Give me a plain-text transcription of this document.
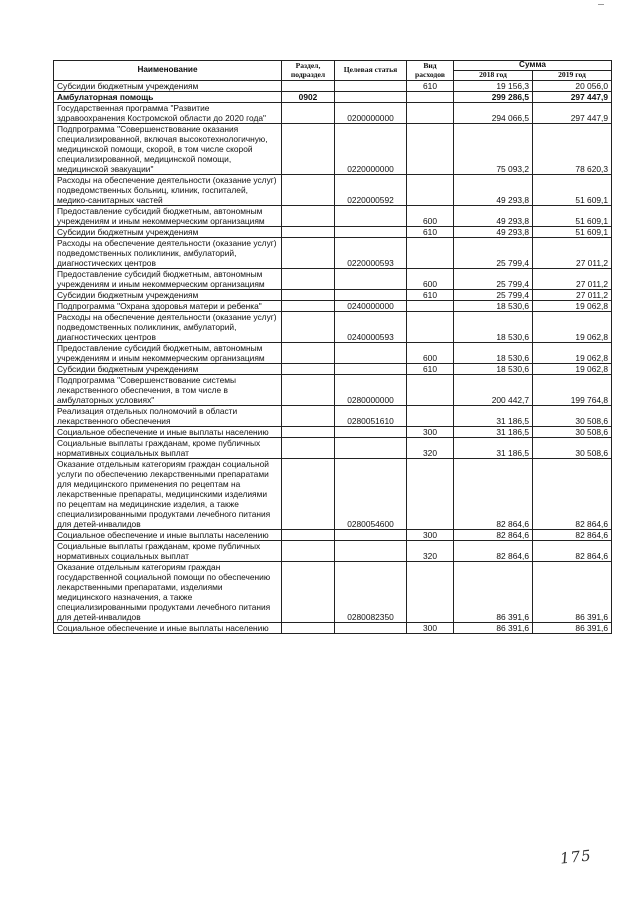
Наименование	Раздел, подраздел	Целевая статья	Вид расходов	Сумма	
				2018 год	2019 год
Субсидии бюджетным учреждениям			610	19 156,3	20 056,0
Амбулаторная помощь	0902			299 286,5	297 447,9
Государственная программа "Развитие здравоохранения Костромской области до 2020 года"		0200000000		294 066,5	297 447,9
Подпрограмма "Совершенствование оказания специализированной, включая высокотехнологичную, медицинской помощи, скорой, в том числе скорой специализированной, медицинской помощи, медицинской эвакуации"		0220000000		75 093,2	78 620,3
Расходы на обеспечение деятельности (оказание услуг) подведомственных больниц, клиник, госпиталей, медико-санитарных частей		0220000592		49 293,8	51 609,1
Предоставление субсидий бюджетным, автономным учреждениям и иным некоммерческим организациям			600	49 293,8	51 609,1
Субсидии бюджетным учреждениям			610	49 293,8	51 609,1
Расходы на обеспечение деятельности (оказание услуг) подведомственных поликлиник, амбулаторий, диагностических центров		0220000593		25 799,4	27 011,2
Предоставление субсидий бюджетным, автономным учреждениям и иным некоммерческим организациям			600	25 799,4	27 011,2
Субсидии бюджетным учреждениям			610	25 799,4	27 011,2
Подпрограмма "Охрана здоровья матери и ребенка"		0240000000		18 530,6	19 062,8
Расходы на обеспечение деятельности (оказание услуг) подведомственных поликлиник, амбулаторий, диагностических центров		0240000593		18 530,6	19 062,8
Предоставление субсидий бюджетным, автономным учреждениям и иным некоммерческим организациям			600	18 530,6	19 062,8
Субсидии бюджетным учреждениям			610	18 530,6	19 062,8
Подпрограмма "Совершенствование системы лекарственного обеспечения, в том числе в амбулаторных условиях"		0280000000		200 442,7	199 764,8
Реализация отдельных полномочий в области лекарственного обеспечения		0280051610		31 186,5	30 508,6
Социальное обеспечение и иные выплаты населению			300	31 186,5	30 508,6
Социальные выплаты гражданам, кроме публичных нормативных социальных выплат			320	31 186,5	30 508,6
Оказание отдельным категориям граждан социальной услуги по обеспечению лекарственными препаратами для медицинского применения по рецептам на лекарственные препараты, медицинскими изделиями по рецептам на медицинские изделия, а также специализированными продуктами лечебного питания для детей-инвалидов		0280054600		82 864,6	82 864,6
Социальное обеспечение и иные выплаты населению			300	82 864,6	82 864,6
Социальные выплаты гражданам, кроме публичных нормативных социальных выплат			320	82 864,6	82 864,6
Оказание отдельным категориям граждан государственной социальной помощи по обеспечению лекарственными препаратами, изделиями медицинского назначения, а также специализированными продуктами лечебного питания для детей-инвалидов		0280082350		86 391,6	86 391,6
Социальное обеспечение и иные выплаты населению			300	86 391,6	86 391,6
175
